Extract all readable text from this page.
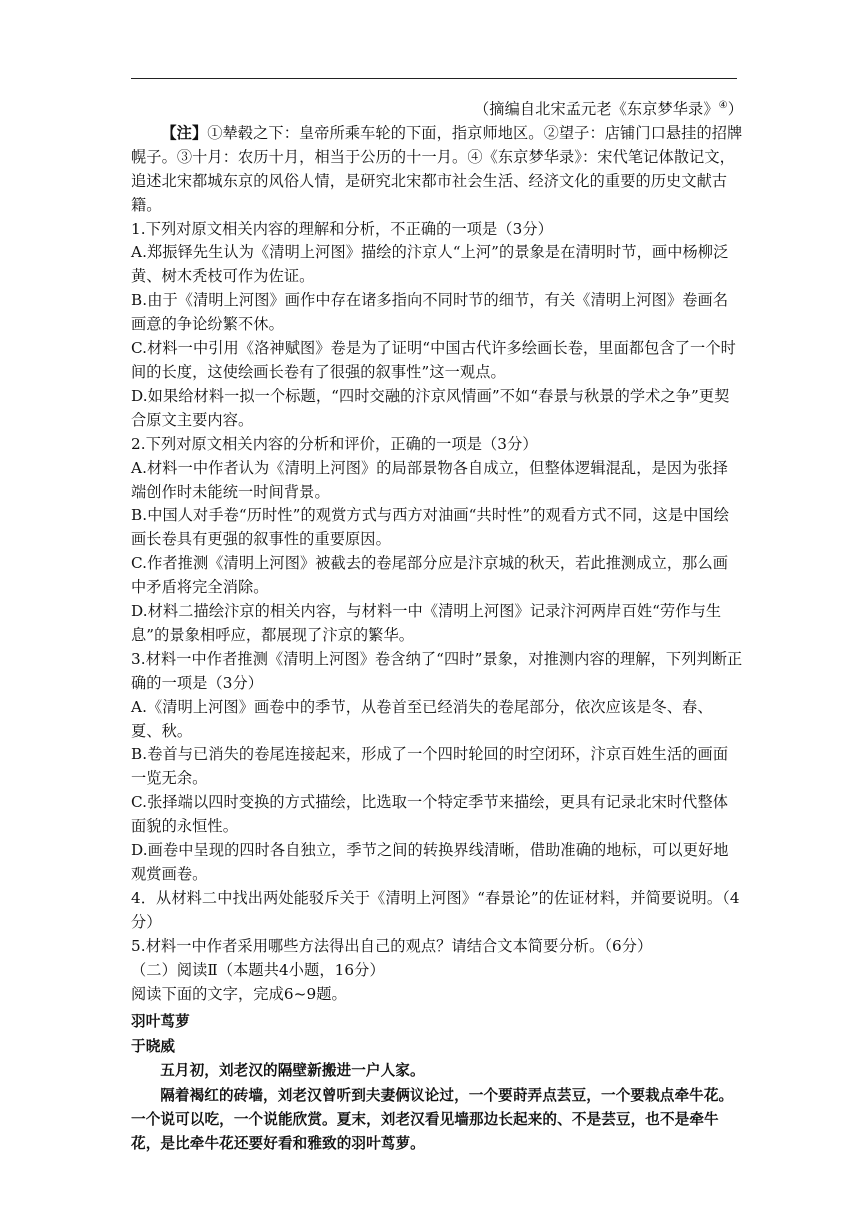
（摘编自北宋孟元老《东京梦华录》④）

【注】①辇毂之下：皇帝所乘车轮的下面，指京师地区。②望子：店铺门口悬挂的招牌幌子。③十月：农历十月，相当于公历的十一月。④《东京梦华录》：宋代笔记体散记文，追述北宋都城东京的风俗人情，是研究北宋都市社会生活、经济文化的重要的历史文献古籍。

1.下列对原文相关内容的理解和分析，不正确的一项是（3分）

A.郑振铎先生认为《清明上河图》描绘的汴京人“上河”的景象是在清明时节，画中杨柳泛黄、树木秃枝可作为佐证。

B.由于《清明上河图》画作中存在诸多指向不同时节的细节，有关《清明上河图》卷画名画意的争论纷繁不休。

C.材料一中引用《洛神赋图》卷是为了证明“中国古代许多绘画长卷，里面都包含了一个时间的长度，这使绘画长卷有了很强的叙事性”这一观点。

D.如果给材料一拟一个标题，“四时交融的汴京风情画”不如“春景与秋景的学术之争”更契合原文主要内容。

2.下列对原文相关内容的分析和评价，正确的一项是（3分）

A.材料一中作者认为《清明上河图》的局部景物各自成立，但整体逻辑混乱，是因为张择端创作时未能统一时间背景。

B.中国人对手卷“历时性”的观赏方式与西方对油画“共时性”的观看方式不同，这是中国绘画长卷具有更强的叙事性的重要原因。

C.作者推测《清明上河图》被截去的卷尾部分应是汴京城的秋天，若此推测成立，那么画中矛盾将完全消除。

D.材料二描绘汴京的相关内容，与材料一中《清明上河图》记录汴河两岸百姓“劳作与生息”的景象相呼应，都展现了汴京的繁华。

3.材料一中作者推测《清明上河图》卷含纳了“四时”景象，对推测内容的理解，下列判断正确的一项是（3分）

A.《清明上河图》画卷中的季节，从卷首至已经消失的卷尾部分，依次应该是冬、春、夏、秋。

B.卷首与已消失的卷尾连接起来，形成了一个四时轮回的时空闭环，汴京百姓生活的画面一览无余。

C.张择端以四时变换的方式描绘，比选取一个特定季节来描绘，更具有记录北宋时代整体面貌的永恒性。

D.画卷中呈现的四时各自独立，季节之间的转换界线清晰，借助准确的地标，可以更好地观赏画卷。

4．从材料二中找出两处能驳斥关于《清明上河图》“春景论”的佐证材料，并简要说明。（4分）

5.材料一中作者采用哪些方法得出自己的观点？请结合文本简要分析。（6分）

（二）阅读Ⅱ（本题共4小题，16分）

阅读下面的文字，完成6~9题。

羽叶茑萝

于晓威

五月初，刘老汉的隔壁新搬进一户人家。

隔着褐红的砖墙，刘老汉曾听到夫妻俩议论过，一个要莳弄点芸豆，一个要栽点牵牛花。一个说可以吃，一个说能欣赏。夏末，刘老汉看见墙那边长起来的、不是芸豆，也不是牵牛花，是比牵牛花还要好看和雅致的羽叶茑萝。
